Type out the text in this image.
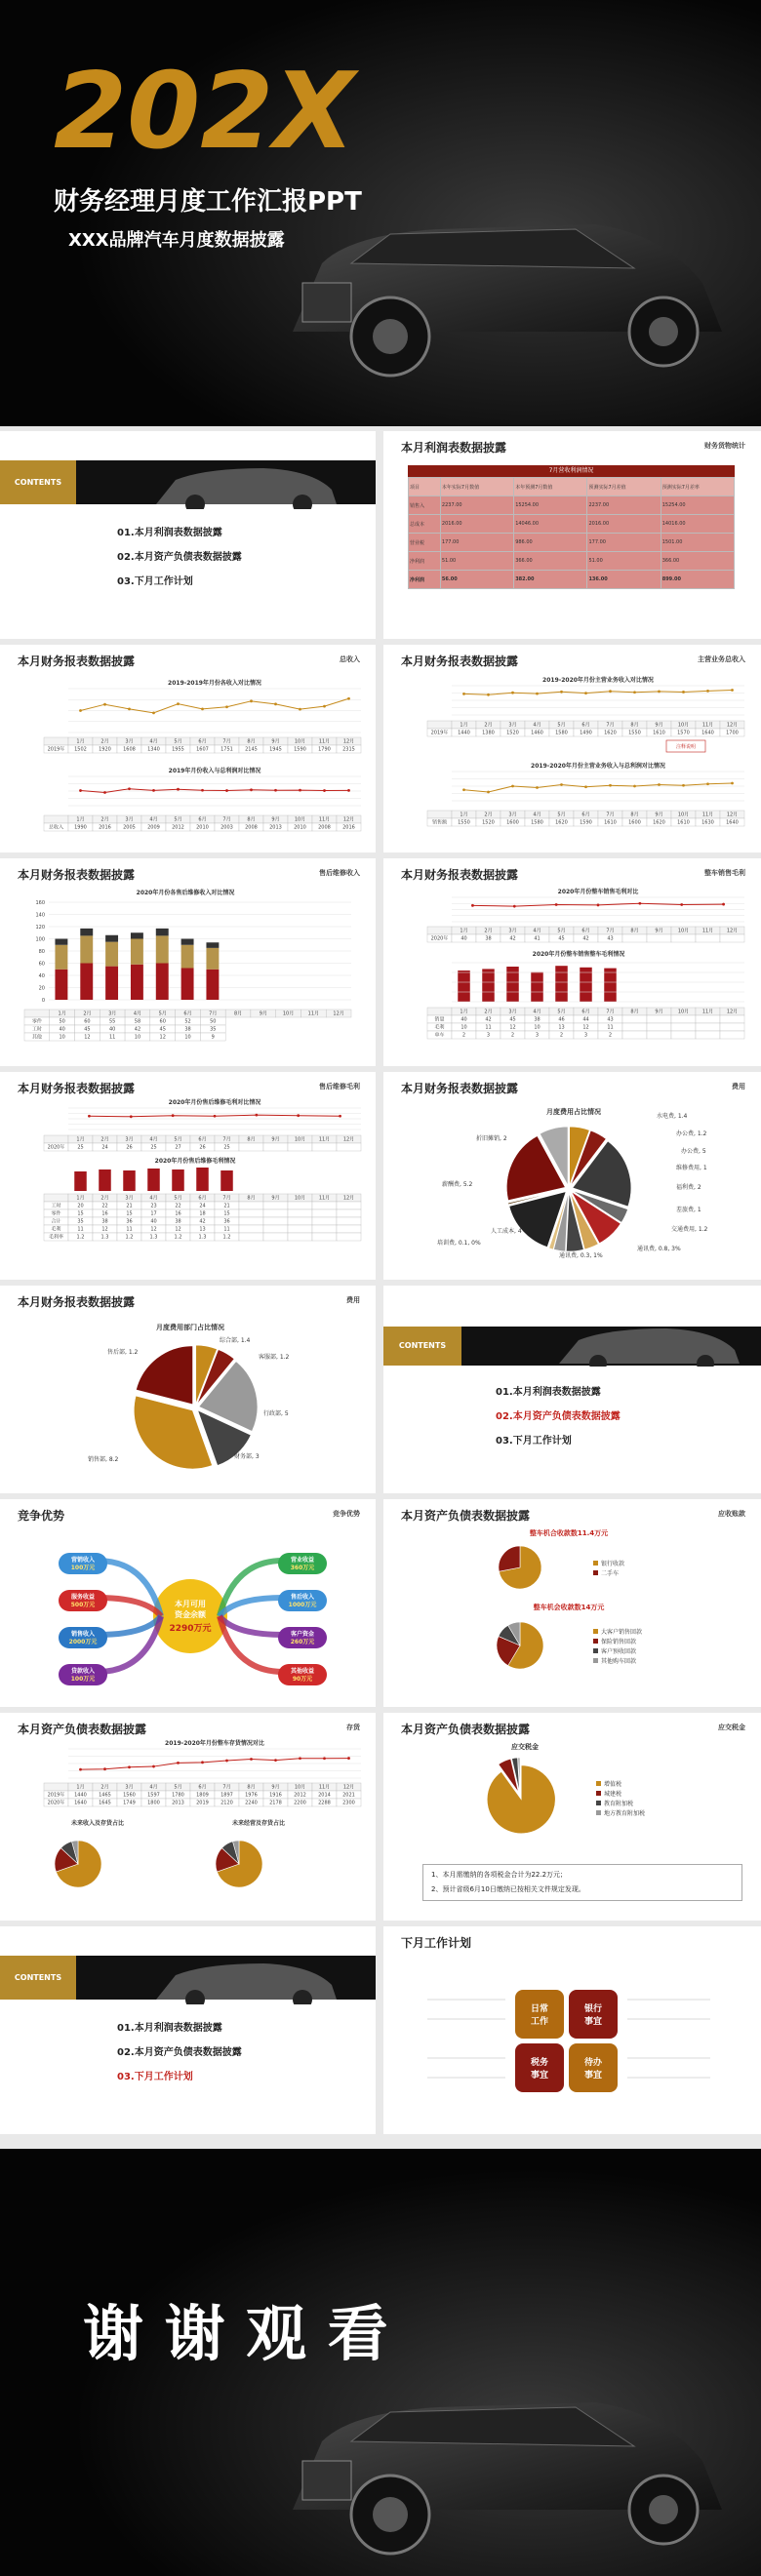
202X
财务经理月度工作汇报PPT
XXX品牌汽车月度数据披露
CONTENTS
01.本月利润表数据披露
02.本月资产负债表数据披露
03.下月工作计划
本月利润表数据披露	财务货物统计
7月营收利润情况
项目	本年实际7月数值	本年预测7月数值	预测实际7月差值	预测实际7月差率
销售入	2237.00	15254.00	2237.00	15254.00
总成本	2016.00	14046.00	2016.00	14016.00
营业税	177.00	986.00	177.00	1501.00
净利润	51.00	366.00	51.00	366.00
净利润	56.00	382.00	136.00	899.00
本月财务报表数据披露	总收入
2019-2019年月份各收入对比情况
1月	2月	3月	4月	5月	6月	7月	8月	9月	10月	11月	12月
2019年 1502 1920 1608 1340 1955 1607 1751 2145 1945 1590 1790 2315
2019年月份收入与总利润对比情况
1月	2月	3月	4月	5月	6月	7月	8月	9月	10月	11月	12月
总收入 1990 2016 2005 2009 2012 2010 2003 2008 2013 2010 2008 2016
本月财务报表数据披露	主营业务总收入
2019-2020年月份主营业务收入对比情况
1月	2月	3月	4月	5月	6月	7月	8月	9月	10月	11月	12月
2019年 1440 1380 1520 1460 1580 1490 1620 1550 1610 1570 1640 1700
注释说明
2019-2020年月份主营业务收入与总利润对比情况
1月	2月	3月	4月	5月	6月	7月	8月	9月	10月	11月	12月
销售额 1550 1520 1600 1580 1620 1590 1610 1600 1620 1610 1630 1640
本月财务报表数据披露	售后维修收入
2020年月份各售后维修收入对比情况
160
140
120
100
80
60
40
20
0
1月	2月	3月	4月	5月	6月	7月	8月	9月	10月	11月	12月
零件	50	60	55	58	60	52	50
工时	40	45	40	42	45	38	35
其他	10	12	11	10	12	10	9
本月财务报表数据披露	整车销售毛利
2020年月份整车销售毛利对比
1月	2月	3月	4月	5月	6月	7月	8月	9月	10月	11月	12月
2020年	40	38	42	41	45	42	43
2020年月份整车销售整车毛利情况
1月	2月	3月	4月	5月	6月	7月	8月	9月	10月	11月	12月
销量	40	42	45	38	46	44	43
毛利	10	11	12	10	13	12	11
单车	2	3	2	3	2	3	2
本月财务报表数据披露	售后维修毛利
2020年月份售后维修毛利对比情况
1月	2月	3月	4月	5月	6月	7月	8月	9月	10月	11月	12月
2020年	25	24	26	25	27	26	25
2020年月份售后维修毛利情况
1月	2月	3月	4月	5月	6月	7月	8月	9月	10月	11月	12月
工时	20	22	21	23	22	24	21
零件	15	16	15	17	16	18	15
合计	35	38	36	40	38	42	36
毛利	11	12	11	12	12	13	11
毛利率	1.2	1.3	1.2	1.3	1.2	1.3	1.2
本月财务报表数据披露	费用
月度费用占比情况
水电费, 1.4
办公费, 1.2
办公费, 5
维修费用, 1
福利费, 2
差旅费, 1
交通费用, 1.2
通讯费, 0.8, 3%
通讯费, 0.3, 1%
人工成本, 4
培训费, 0.1, 0%
薪酬费, 5.2
折旧摊销, 2
本月财务报表数据披露	费用
月度费用部门占比情况
综合部, 1.4
客服部, 1.2
行政部, 5
财务部, 3
销售部, 8.2
售后部, 1.2
CONTENTS
01.本月利润表数据披露
02.本月资产负债表数据披露
03.下月工作计划
竞争优势	竞争优势
本月可用
资金余额
2290万元
营销收入
100万元
服务收益
500万元
销售收入
2000万元
贷款收入
100万元
营业收益
360万元
售后收入
1000万元
客户资金
260万元
其他收益
90万元
本月资产负债表数据披露	应收账款
整车机合收款数11.4万元
银行收款
二手车
整车机会收款数14万元
大客户销售回款
保险销售回款
客户预收回款
其他购车回款
本月资产负债表数据披露	存货
2019-2020年月份整车存货情况对比
1月	2月	3月	4月	5月	6月	7月	8月	9月	10月	11月	12月
2019年 1440 1465 1560 1597 1780 1809 1897 1976 1916 2012 2014 2021
2020年 1640 1645 1749 1800 2013 2019 2120 2240 2178 2200 2288 2300
未来收入及存货占比	未来经营及存货占比
本月资产负债表数据披露	应交税金
应交税金
增值税
城建税
教育附加税
地方教育附加税
1、本月需缴纳的各项税金合计为22.2万元；
2、预计省级6月10日缴纳已按相关文件规定发现。
CONTENTS
01.本月利润表数据披露
02.本月资产负债表数据披露
03.下月工作计划
下月工作计划
日常
工作
银行
事宜
税务
事宜
待办
事宜
谢 谢 观 看
